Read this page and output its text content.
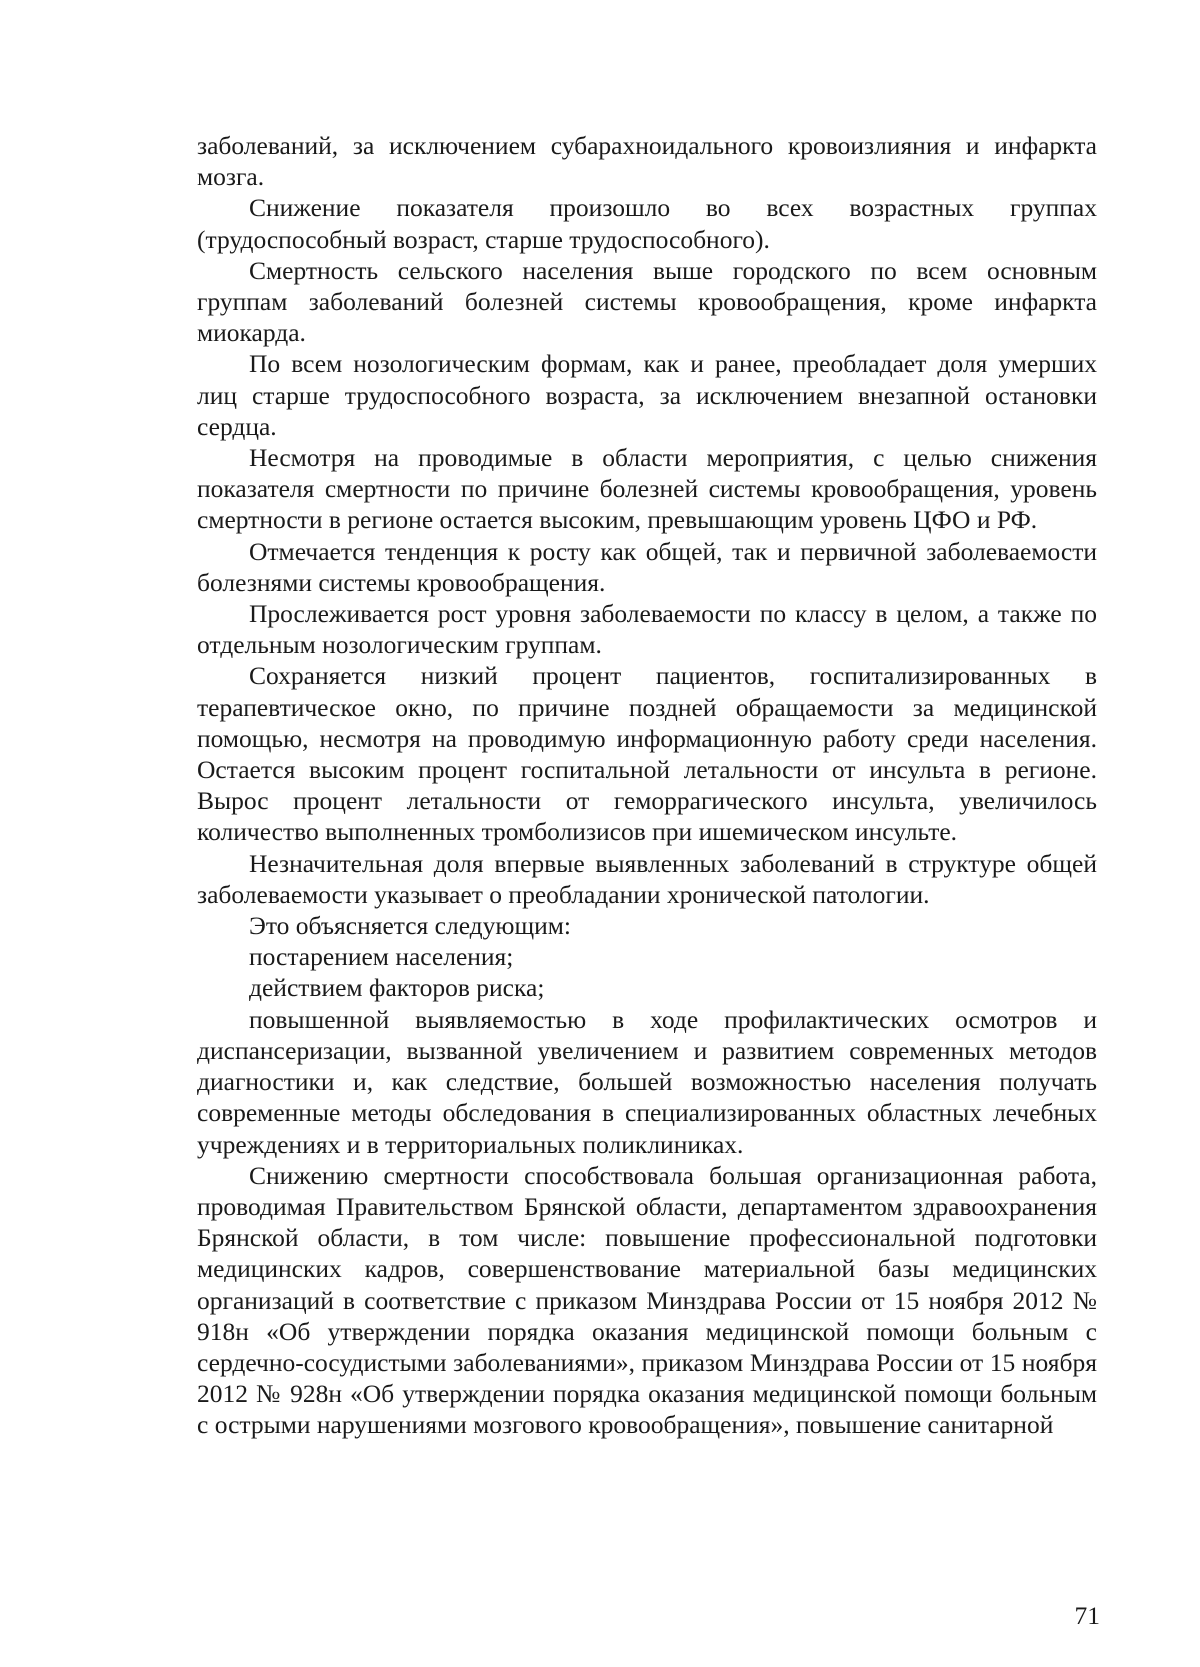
заболеваний, за исключением субарахноидального кровоизлияния и инфаркта мозга.

Снижение показателя произошло во всех возрастных группах (трудоспособный возраст, старше трудоспособного).

Смертность сельского населения выше городского по всем основным группам заболеваний болезней системы кровообращения, кроме инфаркта миокарда.

По всем нозологическим формам, как и ранее, преобладает доля умерших лиц старше трудоспособного возраста, за исключением внезапной остановки сердца.

Несмотря на проводимые в области мероприятия, с целью снижения показателя смертности по причине болезней системы кровообращения, уровень смертности в регионе остается высоким, превышающим уровень ЦФО и РФ.

Отмечается тенденция к росту как общей, так и первичной заболеваемости болезнями системы кровообращения.

Прослеживается рост уровня заболеваемости по классу в целом, а также по отдельным нозологическим группам.

Сохраняется низкий процент пациентов, госпитализированных в терапевтическое окно, по причине поздней обращаемости за медицинской помощью, несмотря на проводимую информационную работу среди населения. Остается высоким процент госпитальной летальности от инсульта в регионе. Вырос процент летальности от геморрагического инсульта, увеличилось количество выполненных тромболизисов при ишемическом инсульте.

Незначительная доля впервые выявленных заболеваний в структуре общей заболеваемости указывает о преобладании хронической патологии.

Это объясняется следующим:

постарением населения;

действием факторов риска;

повышенной выявляемостью в ходе профилактических осмотров и диспансеризации, вызванной увеличением и развитием современных методов диагностики и, как следствие, большей возможностью населения получать современные методы обследования в специализированных областных лечебных учреждениях и в территориальных поликлиниках.

Снижению смертности способствовала большая организационная работа, проводимая Правительством Брянской области, департаментом здравоохранения Брянской области, в том числе: повышение профессиональной подготовки медицинских кадров, совершенствование материальной базы медицинских организаций в соответствие с приказом Минздрава России от 15 ноября 2012 № 918н «Об утверждении порядка оказания медицинской помощи больным с сердечно-сосудистыми заболеваниями», приказом Минздрава России от 15 ноября 2012 № 928н «Об утверждении порядка оказания медицинской помощи больным с острыми нарушениями мозгового кровообращения», повышение санитарной

71
